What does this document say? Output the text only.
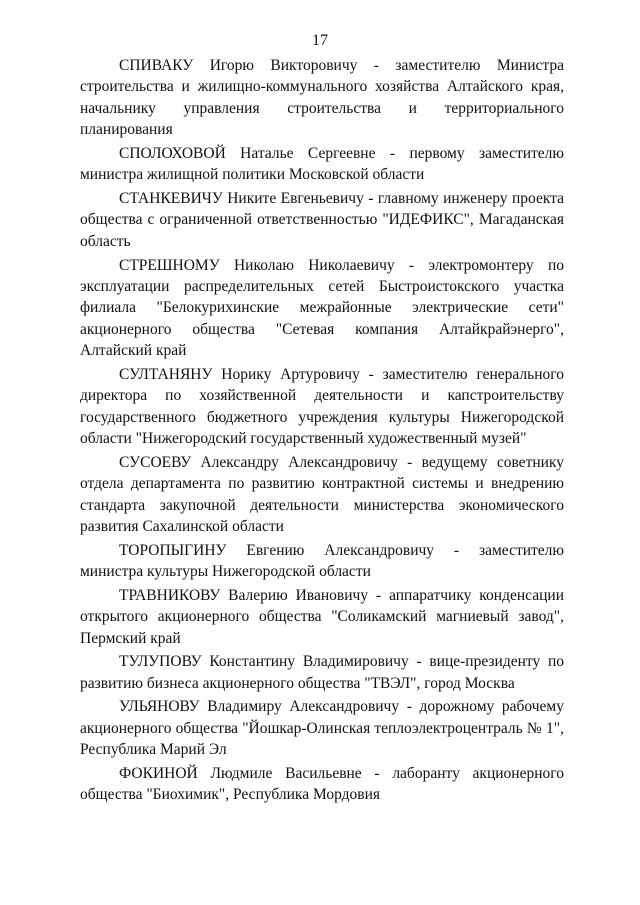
17

СПИВАКУ Игорю Викторовичу - заместителю Министра строительства и жилищно-коммунального хозяйства Алтайского края, начальнику управления строительства и территориального планирования

СПОЛОХОВОЙ Наталье Сергеевне - первому заместителю министра жилищной политики Московской области

СТАНКЕВИЧУ Никите Евгеньевичу - главному инженеру проекта общества с ограниченной ответственностью "ИДЕФИКС", Магаданская область

СТРЕШНОМУ Николаю Николаевичу - электромонтеру по эксплуатации распределительных сетей Быстроистокского участка филиала "Белокурихинские межрайонные электрические сети" акционерного общества "Сетевая компания Алтайкрайэнерго", Алтайский край

СУЛТАНЯНУ Норику Артуровичу - заместителю генерального директора по хозяйственной деятельности и капстроительству государственного бюджетного учреждения культуры Нижегородской области "Нижегородский государственный художественный музей"

СУСОЕВУ Александру Александровичу - ведущему советнику отдела департамента по развитию контрактной системы и внедрению стандарта закупочной деятельности министерства экономического развития Сахалинской области

ТОРОПЫГИНУ Евгению Александровичу - заместителю министра культуры Нижегородской области

ТРАВНИКОВУ Валерию Ивановичу - аппаратчику конденсации открытого акционерного общества "Соликамский магниевый завод", Пермский край

ТУЛУПОВУ Константину Владимировичу - вице-президенту по развитию бизнеса акционерного общества "ТВЭЛ", город Москва

УЛЬЯНОВУ Владимиру Александровичу - дорожному рабочему акционерного общества "Йошкар-Олинская теплоэлектроцентраль № 1", Республика Марий Эл

ФОКИНОЙ Людмиле Васильевне - лаборанту акционерного общества "Биохимик", Республика Мордовия
